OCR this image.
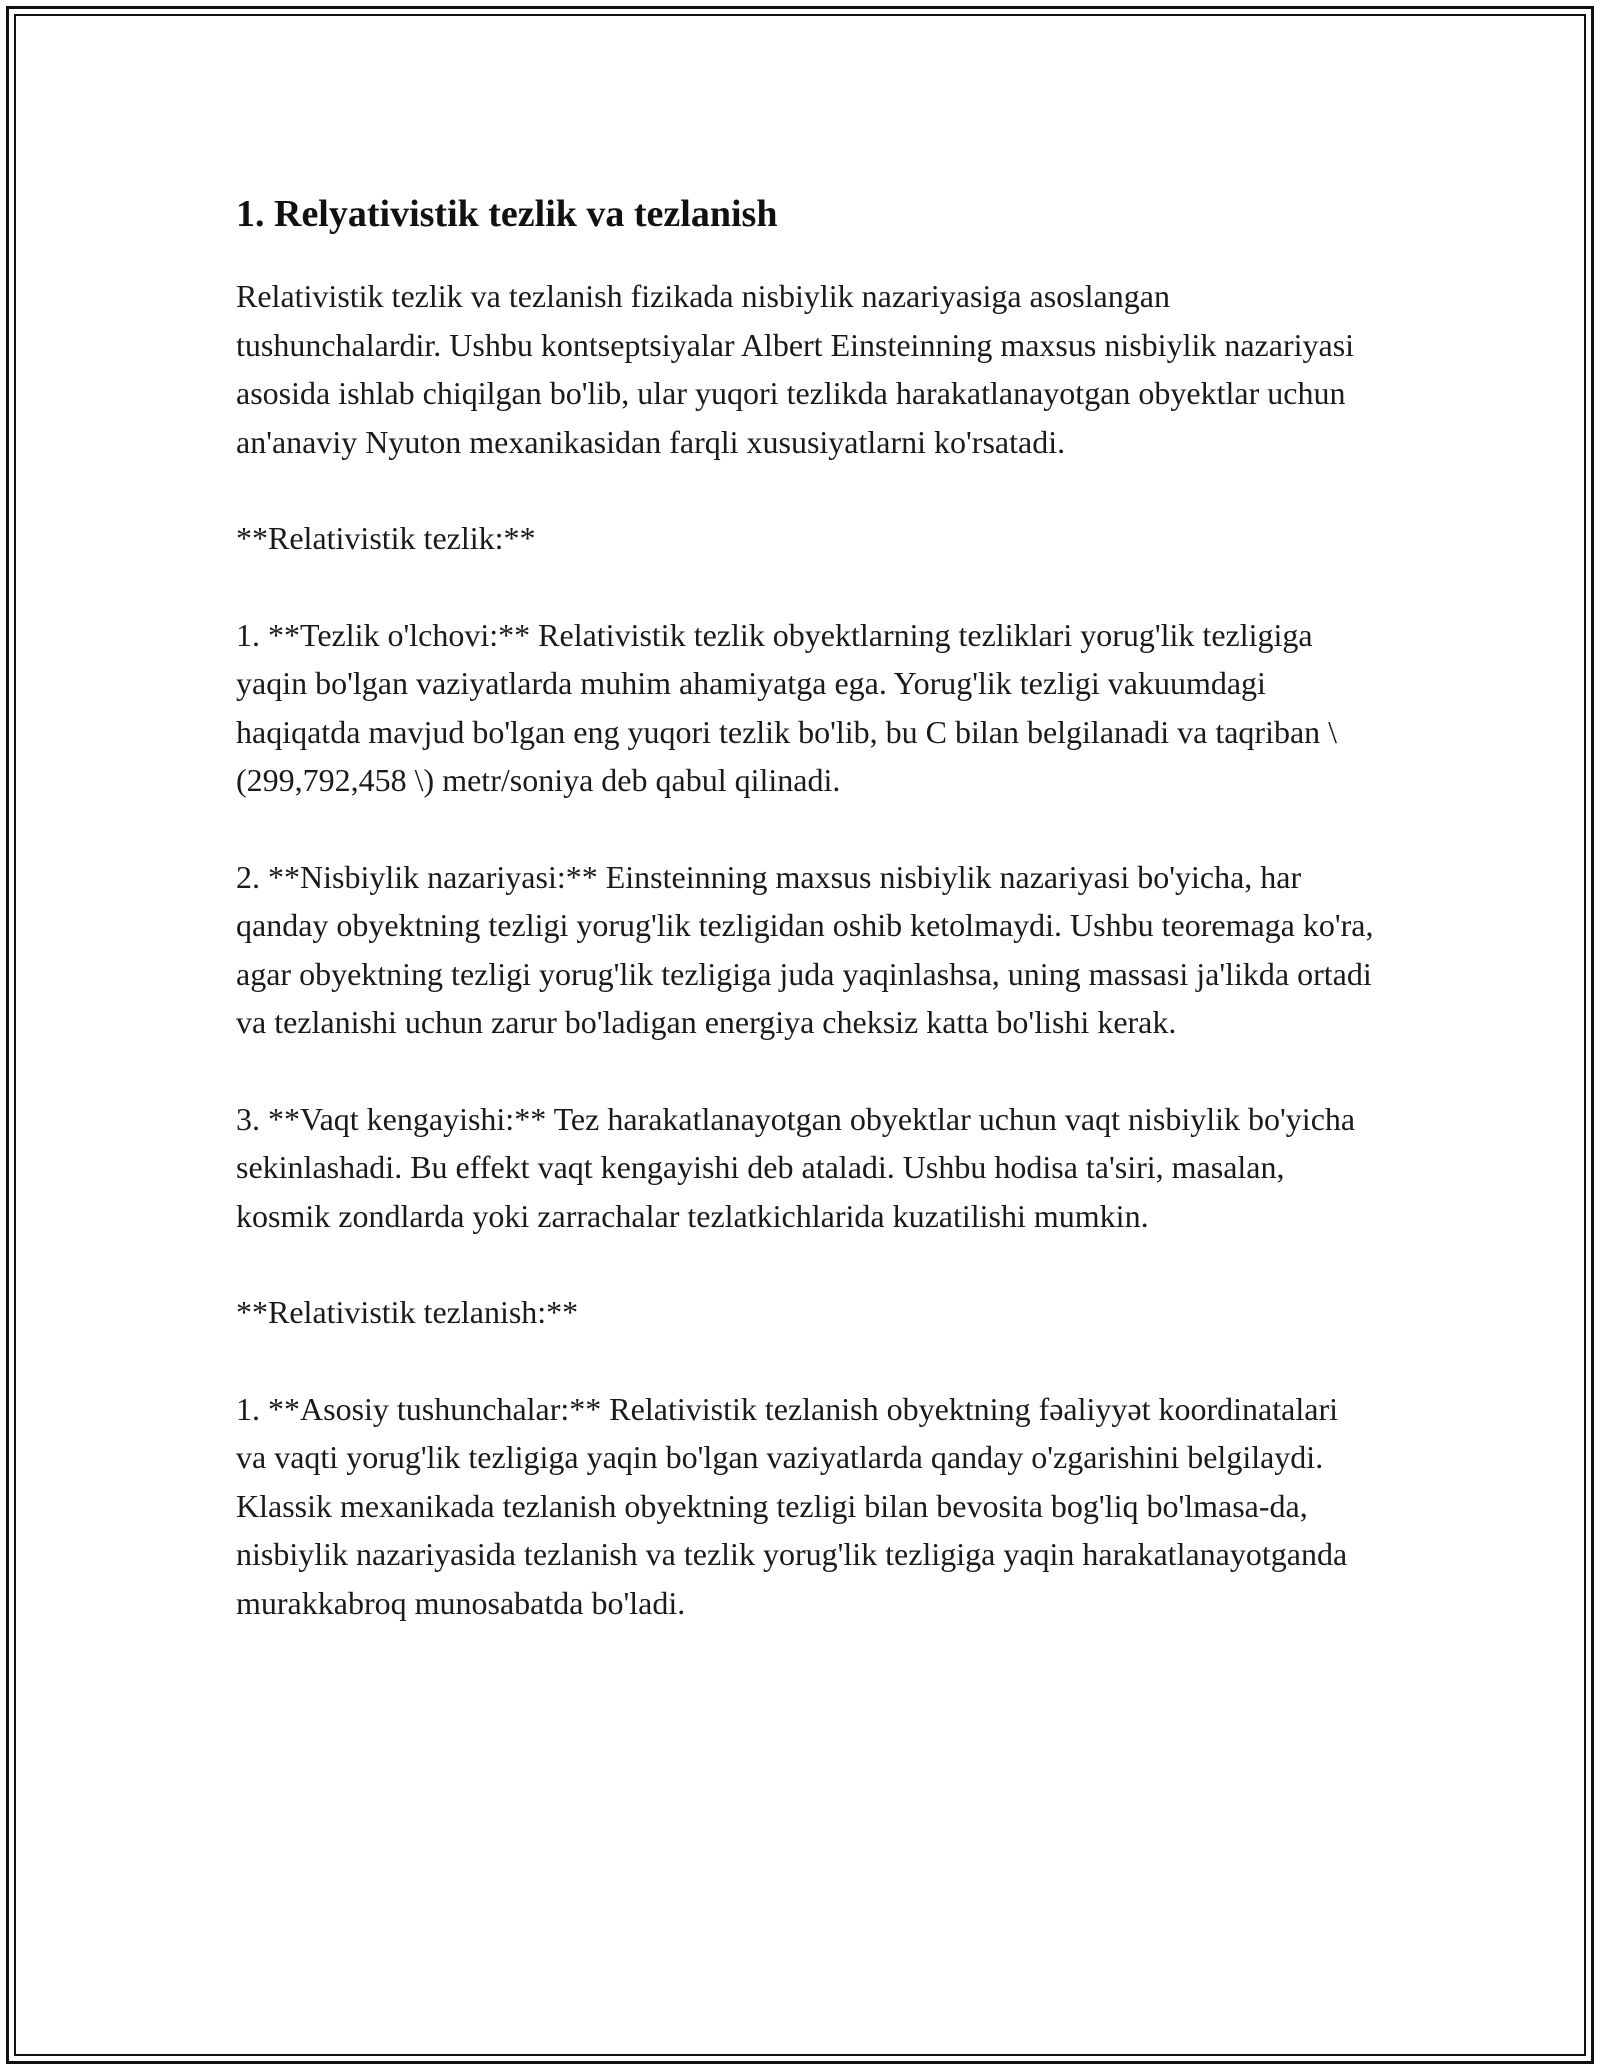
1. Relyativistik tezlik va tezlanish

Relativistik tezlik va tezlanish fizikada nisbiylik nazariyasiga asoslangan tushunchalardir. Ushbu kontseptsiyalar Albert Einsteinning maxsus nisbiylik nazariyasi asosida ishlab chiqilgan bo'lib, ular yuqori tezlikda harakatlanayotgan obyektlar uchun an'anaviy Nyuton mexanikasidan farqli xususiyatlarni ko'rsatadi.

**Relativistik tezlik:**

1. **Tezlik o'lchovi:** Relativistik tezlik obyektlarning tezliklari yorug'lik tezligiga yaqin bo'lgan vaziyatlarda muhim ahamiyatga ega. Yorug'lik tezligi vakuumdagi haqiqatda mavjud bo'lgan eng yuqori tezlik bo'lib, bu C bilan belgilanadi va taqriban \(299,792,458 \) metr/soniya deb qabul qilinadi.

2. **Nisbiylik nazariyasi:** Einsteinning maxsus nisbiylik nazariyasi bo'yicha, har qanday obyektning tezligi yorug'lik tezligidan oshib ketolmaydi. Ushbu teoremaga ko'ra, agar obyektning tezligi yorug'lik tezligiga juda yaqinlashsa, uning massasi ja'likda ortadi va tezlanishi uchun zarur bo'ladigan energiya cheksiz katta bo'lishi kerak.

3. **Vaqt kengayishi:** Tez harakatlanayotgan obyektlar uchun vaqt nisbiylik bo'yicha sekinlashadi. Bu effekt vaqt kengayishi deb ataladi. Ushbu hodisa ta'siri, masalan, kosmik zondlarda yoki zarrachalar tezlatkichlarida kuzatilishi mumkin.

**Relativistik tezlanish:**

1. **Asosiy tushunchalar:** Relativistik tezlanish obyektning fəaliyyət koordinatalari va vaqti yorug'lik tezligiga yaqin bo'lgan vaziyatlarda qanday o'zgarishini belgilaydi. Klassik mexanikada tezlanish obyektning tezligi bilan bevosita bog'liq bo'lmasa-da, nisbiylik nazariyasida tezlanish va tezlik yorug'lik tezligiga yaqin harakatlanayotganda murakkabroq munosabatda bo'ladi.
